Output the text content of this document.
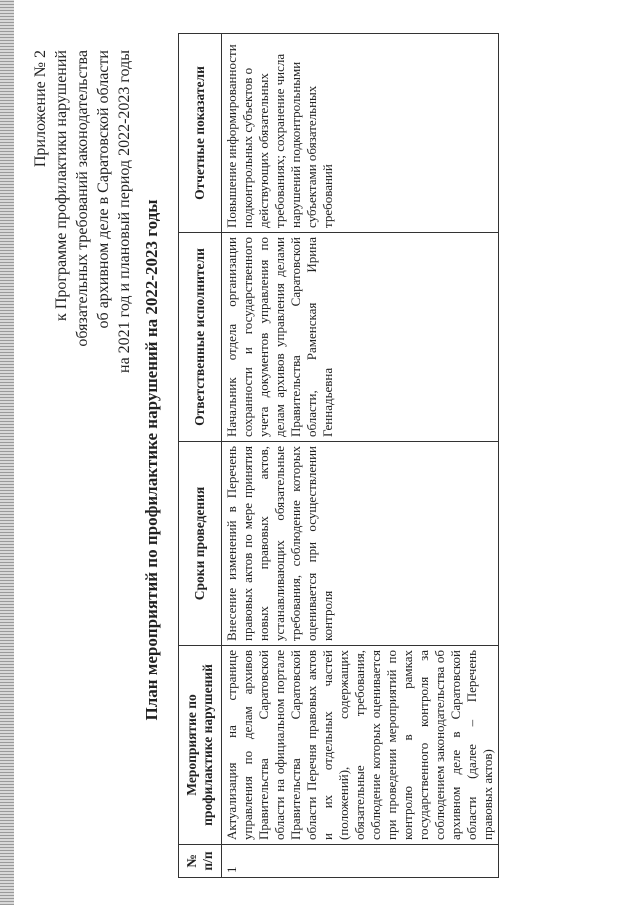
Приложение № 2 к Программе профилактики нарушений обязательных требований законодательства об архивном деле в Саратовской области на 2021 год и плановый период 2022-2023 годы План мероприятий по профилактике нарушений на 2022-2023 годы
№ п/п	Мероприятие по профилактике нарушений	Сроки проведения	Ответственные исполнители	Отчетные показатели
1	Актуализация на странице управления по делам архивов Правительства Саратовской области на официальном портале Правительства Саратовской области Перечня правовых актов и их отдельных частей (положений), содержащих обязательные требования, соблюдение которых оценивается при проведении мероприятий по контролю в рамках государственного контроля за соблюдением законодательства об архивном деле в Саратовской области (далее – Перечень правовых актов)	Внесение изменений в Перечень правовых актов по мере принятия новых правовых актов, устанавливающих обязательные требования, соблюдение которых оценивается при осуществлении контроля	Начальник отдела организации сохранности и государственного учета документов управления по делам архивов управления делами Правительства Саратовской области, Раменская Ирина Геннадьевна	Повышение информированности подконтрольных субъектов о действующих обязательных требованиях; сохранение числа нарушений подконтрольными субъектами обязательных требований
